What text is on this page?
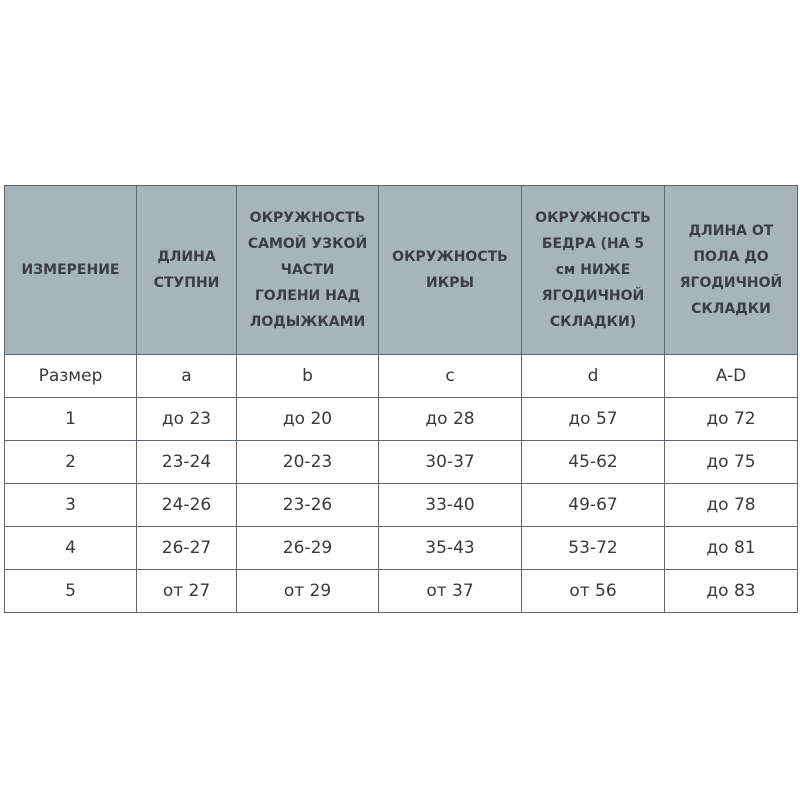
ИЗМЕРЕНИЕ	ДЛИНА СТУПНИ	ОКРУЖНОСТЬ САМОЙ УЗКОЙ ЧАСТИ ГОЛЕНИ НАД ЛОДЫЖКАМИ	ОКРУЖНОСТЬ ИКРЫ	ОКРУЖНОСТЬ БЕДРА (НА 5 см НИЖЕ ЯГОДИЧНОЙ СКЛАДКИ)	ДЛИНА ОТ ПОЛА ДО ЯГОДИЧНОЙ СКЛАДКИ
Размер	a	b	c	d	A-D
1	до 23	до 20	до 28	до 57	до 72
2	23-24	20-23	30-37	45-62	до 75
3	24-26	23-26	33-40	49-67	до 78
4	26-27	26-29	35-43	53-72	до 81
5	от 27	от 29	от 37	от 56	до 83
